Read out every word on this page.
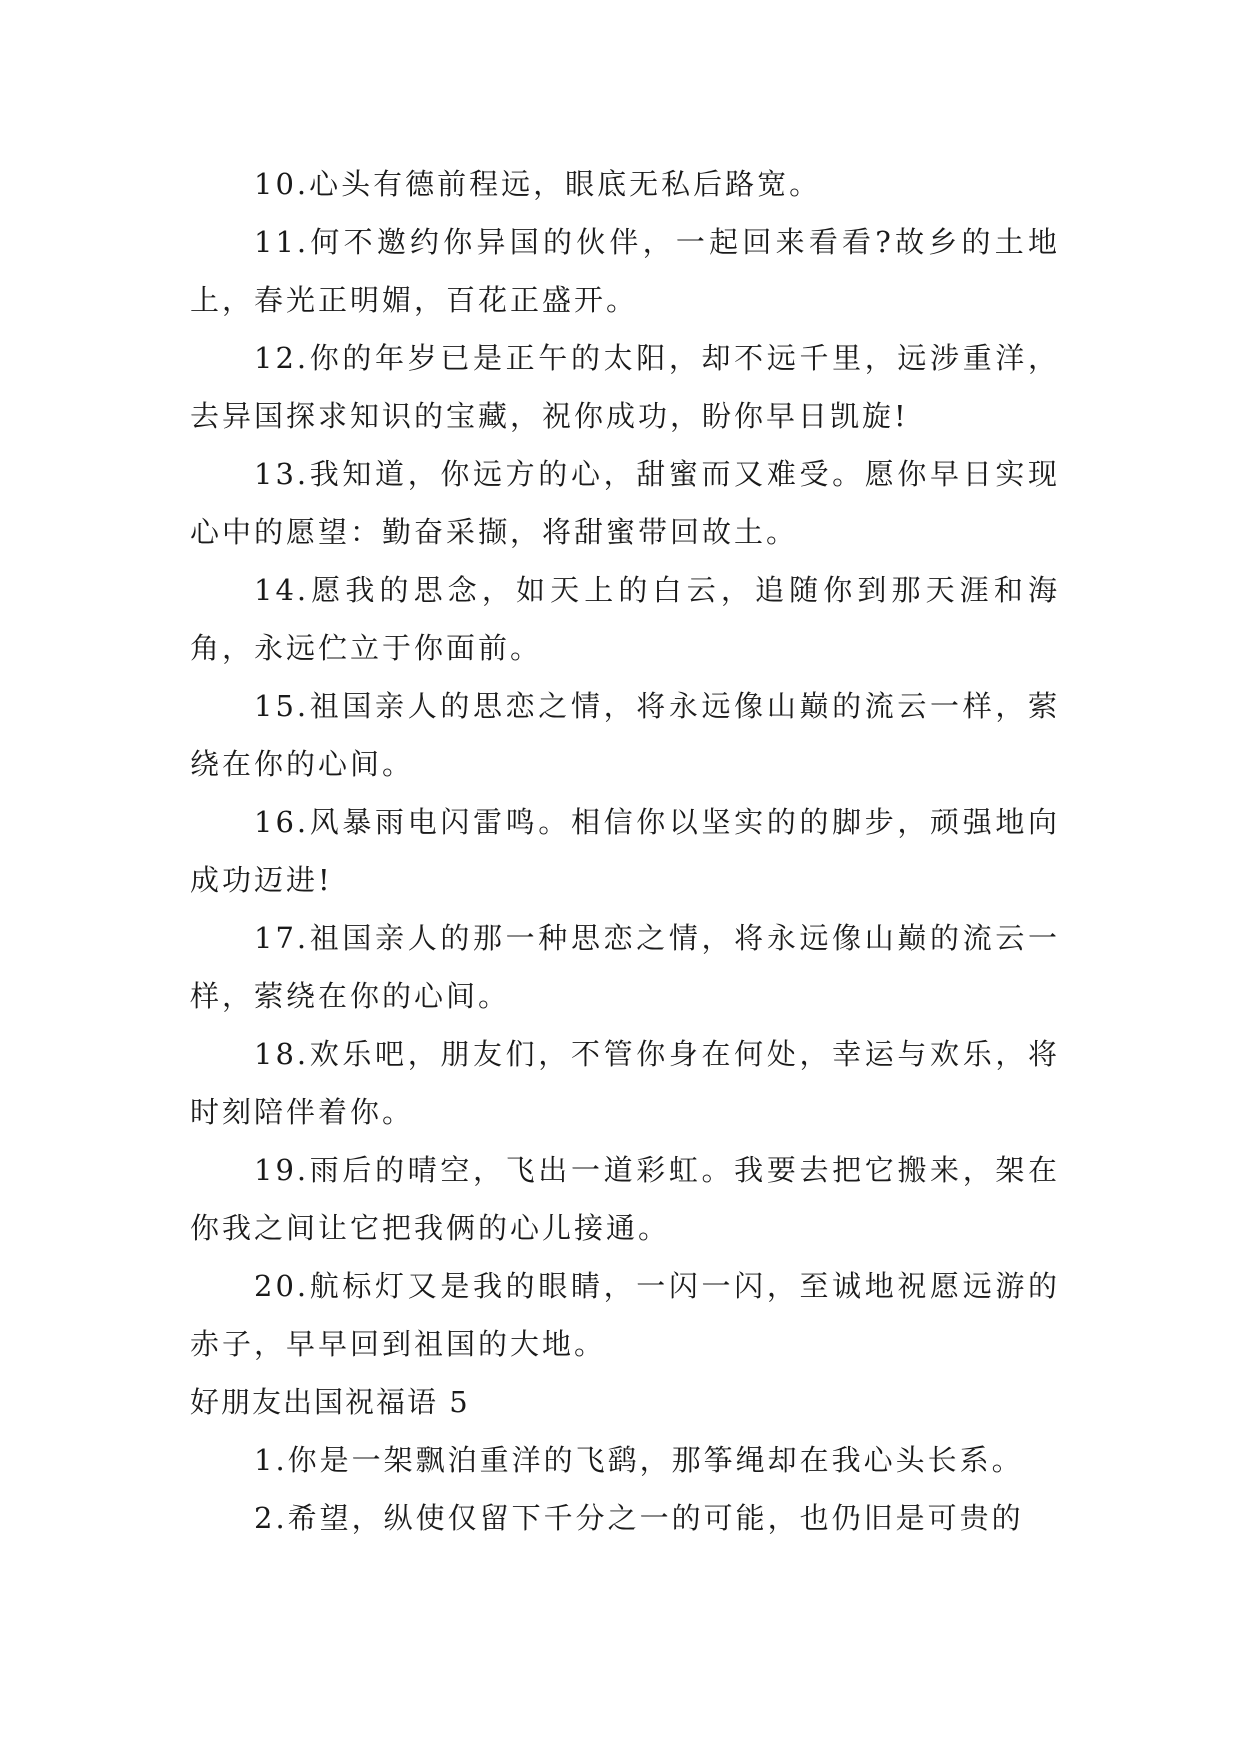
10.心头有德前程远，眼底无私后路宽。

11.何不邀约你异国的伙伴，一起回来看看?故乡的土地上，春光正明媚，百花正盛开。

12.你的年岁已是正午的太阳，却不远千里，远涉重洋，去异国探求知识的宝藏，祝你成功，盼你早日凯旋!

13.我知道，你远方的心，甜蜜而又难受。愿你早日实现心中的愿望：勤奋采撷，将甜蜜带回故土。

14.愿我的思念，如天上的白云，追随你到那天涯和海角，永远伫立于你面前。

15.祖国亲人的思恋之情，将永远像山巅的流云一样，萦绕在你的心间。

16.风暴雨电闪雷鸣。相信你以坚实的的脚步，顽强地向成功迈进!

17.祖国亲人的那一种思恋之情，将永远像山巅的流云一样，萦绕在你的心间。

18.欢乐吧，朋友们，不管你身在何处，幸运与欢乐，将时刻陪伴着你。

19.雨后的晴空，飞出一道彩虹。我要去把它搬来，架在你我之间让它把我俩的心儿接通。

20.航标灯又是我的眼睛，一闪一闪，至诚地祝愿远游的赤子，早早回到祖国的大地。

好朋友出国祝福语 5

1.你是一架飘泊重洋的飞鹞，那筝绳却在我心头长系。

2.希望，纵使仅留下千分之一的可能，也仍旧是可贵的
